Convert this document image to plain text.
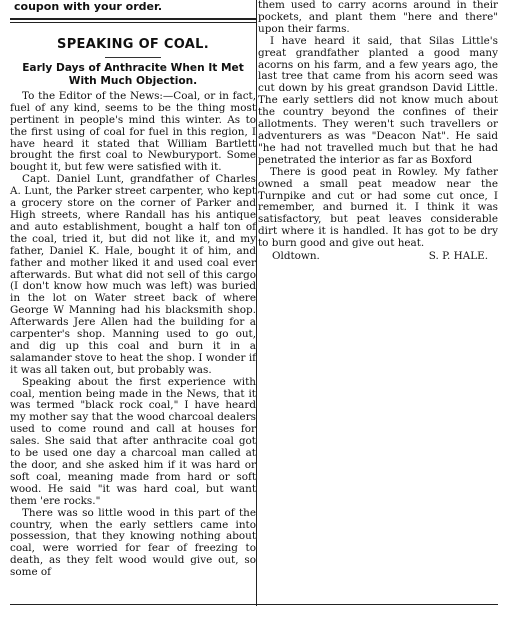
coupon with your order.
SPEAKING OF COAL.
Early Days of Anthracite When It Met With Much Objection.

To the Editor of the News:—Coal, or in fact, fuel of any kind, seems to be the thing most pertinent in people's mind this winter. As to the first using of coal for fuel in this region, I have heard it stated that William Bartlett brought the first coal to Newburyport. Some bought it, but few were satisfied with it.

Capt. Daniel Lunt, grandfather of Charles A. Lunt, the Parker street carpenter, who kept a grocery store on the corner of Parker and High streets, where Randall has his antique and auto establishment, bought a half ton of the coal, tried it, but did not like it, and my father, Daniel K. Hale, bought it of him, and father and mother liked it and used coal ever afterwards. But what did not sell of this cargo (I don't know how much was left) was buried in the lot on Water street back of where George W Manning had his blacksmith shop. Afterwards Jere Allen had the building for a carpenter's shop. Manning used to go out, and dig up this coal and burn it in a salamander stove to heat the shop. I wonder if it was all taken out, but probably was.

Speaking about the first experience with coal, mention being made in the News, that it was termed "black rock coal," I have heard my mother say that the wood charcoal dealers used to come round and call at houses for sales. She said that after anthracite coal got to be used one day a charcoal man called at the door, and she asked him if it was hard or soft coal, meaning made from hard or soft wood. He said "it was hard coal, but want them 'ere rocks."

There was so little wood in this part of the country, when the early settlers came into possession, that they knowing nothing about coal, were worried for fear of freezing to death, as they felt wood would give out, so some of

them used to carry acorns around in their pockets, and plant them "here and there" upon their farms.

I have heard it said, that Silas Little's great grandfather planted a good many acorns on his farm, and a few years ago, the last tree that came from his acorn seed was cut down by his great grandson David Little. The early settlers did not know much about the country beyond the confines of their allotments. They weren't such travellers or adventurers as was "Deacon Nat". He said "he had not travelled much but that he had penetrated the interior as far as Boxford

There is good peat in Rowley. My father owned a small peat meadow near the Turnpike and cut or had some cut once, I remember, and burned it. I think it was satisfactory, but peat leaves considerable dirt where it is handled. It has got to be dry to burn good and give out heat.

Oldtown.	S. P. HALE.
